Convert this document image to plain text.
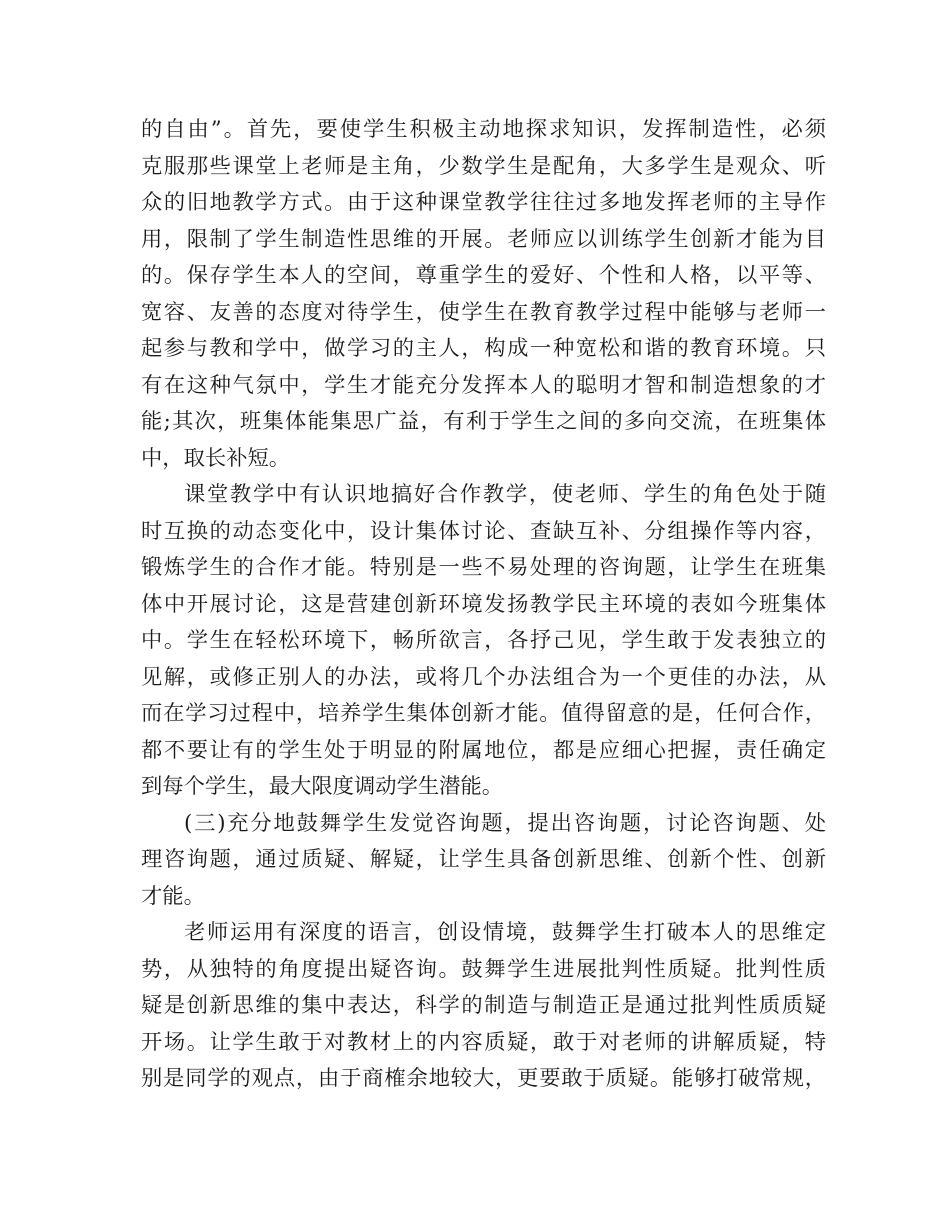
的自由”。首先，要使学生积极主动地探求知识，发挥制造性，必须
克服那些课堂上老师是主角，少数学生是配角，大多学生是观众、听
众的旧地教学方式。由于这种课堂教学往往过多地发挥老师的主导作
用，限制了学生制造性思维的开展。老师应以训练学生创新才能为目
的。保存学生本人的空间，尊重学生的爱好、个性和人格，以平等、
宽容、友善的态度对待学生，使学生在教育教学过程中能够与老师一
起参与教和学中，做学习的主人，构成一种宽松和谐的教育环境。只
有在这种气氛中，学生才能充分发挥本人的聪明才智和制造想象的才
能;其次，班集体能集思广益，有利于学生之间的多向交流，在班集体
中，取长补短。
课堂教学中有认识地搞好合作教学，使老师、学生的角色处于随
时互换的动态变化中，设计集体讨论、查缺互补、分组操作等内容，
锻炼学生的合作才能。特别是一些不易处理的咨询题，让学生在班集
体中开展讨论，这是营建创新环境发扬教学民主环境的表如今班集体
中。学生在轻松环境下，畅所欲言，各抒己见，学生敢于发表独立的
见解，或修正别人的办法，或将几个办法组合为一个更佳的办法，从
而在学习过程中，培养学生集体创新才能。值得留意的是，任何合作，
都不要让有的学生处于明显的附属地位，都是应细心把握，责任确定
到每个学生，最大限度调动学生潜能。
(三)充分地鼓舞学生发觉咨询题，提出咨询题，讨论咨询题、处
理咨询题，通过质疑、解疑，让学生具备创新思维、创新个性、创新
才能。
老师运用有深度的语言，创设情境，鼓舞学生打破本人的思维定
势，从独特的角度提出疑咨询。鼓舞学生进展批判性质疑。批判性质
疑是创新思维的集中表达，科学的制造与制造正是通过批判性质质疑
开场。让学生敢于对教材上的内容质疑，敢于对老师的讲解质疑，特
别是同学的观点，由于商榷余地较大，更要敢于质疑。能够打破常规，
